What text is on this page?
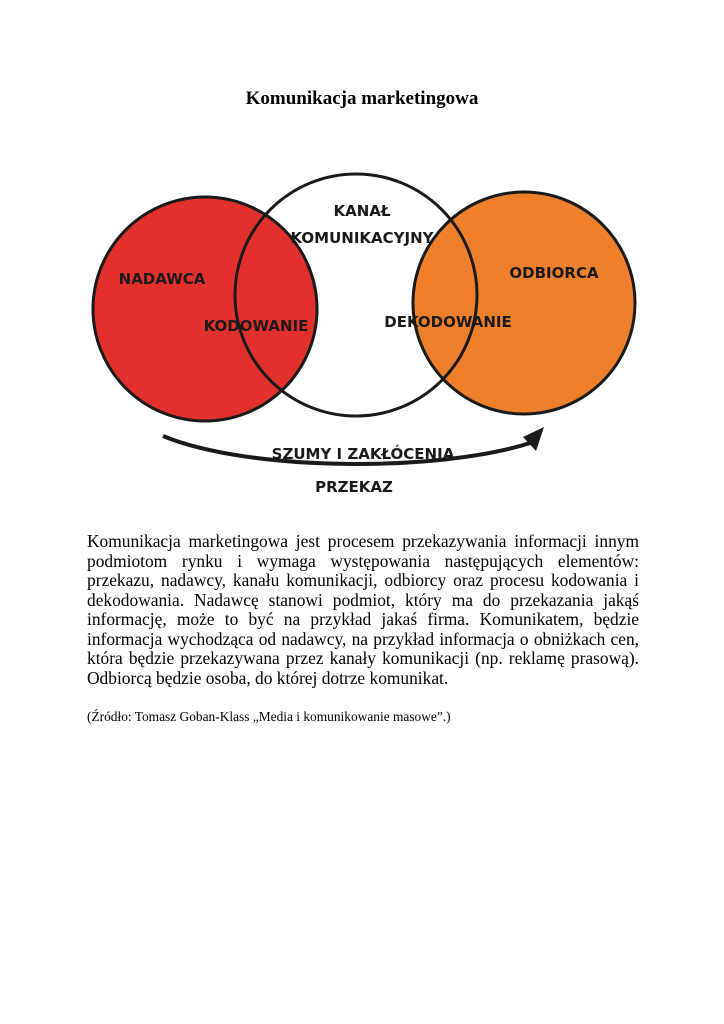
Komunikacja marketingowa
KANAŁ
KOMUNIKACYJNY
NADAWCA
KODOWANIE	DEKODOWANIE
ODBIORCA
SZUMY I ZAKŁÓCENIA
PRZEKAZ

Komunikacja marketingowa jest procesem przekazywania informacji innym podmiotom rynku i wymaga występowania następujących elementów: przekazu, nadawcy, kanału komunikacji, odbiorcy oraz procesu kodowania i dekodowania. Nadawcę stanowi podmiot, który ma do przekazania jakąś informację, może to być na przykład jakaś firma. Komunikatem, będzie informacja wychodząca od nadawcy, na przykład informacja o obniżkach cen, która będzie przekazywana przez kanały komunikacji (np. reklamę prasową). Odbiorcą będzie osoba, do której dotrze komunikat.

(Źródło: Tomasz Goban-Klass „Media i komunikowanie masowe”.)
